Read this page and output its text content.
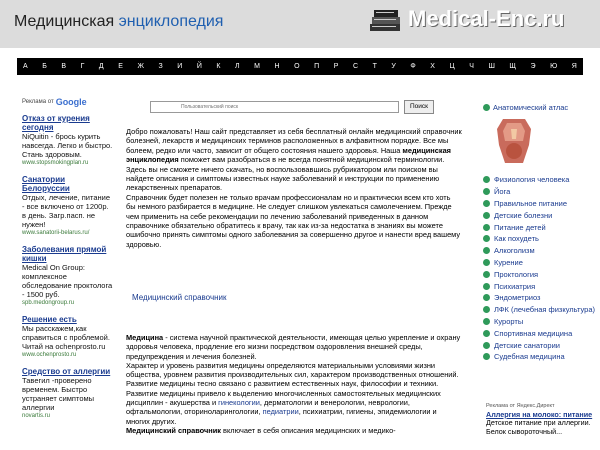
Медицинская энциклопедия	Medical-Enc.ru
А Б В Г Д Е Ж З И Й К Л М Н О П Р С Т У Ф Х Ц Ч Ш Щ Э Ю Я
Реклама от Google
Отказ от курения сегодня
NiQuitin - брось курить навсегда. Легко и быстро. Стань здоровым.
www.stopsmokingplan.ru
Санатории Белоруссии
Отдых, лечение, питание - все включено от 1200р. в день. Загр.пасп. не нужен!
www.sanatorii-belarus.ru/
Заболевания прямой кишки
Medical On Group: комплексное обследование проктолога - 1500 руб.
spb.medongroup.ru
Решение есть
Мы расскажем,как справиться с проблемой. Читай на ochenprosto.ru
www.ochenprosto.ru
Средство от аллергии
Тавегил -проверено временем. Быстро устраняет симптомы аллергии
novartis.ru
Пользовательский поиск
Поиск

Добро пожаловать! Наш сайт представляет из себя бесплатный онлайн медицинский справочник болезней, лекарств и медицинских терминов расположенных в алфавитном порядке. Все мы болеем, редко или часто, зависит от общего состояния нашего здоровья. Наша медицинская энциклопедия поможет вам разобраться в не всегда понятной медицинской терминологии. Здесь вы не сможете ничего скачать, но воспользовавшись рубрикатором или поиском вы найдете описания и симптомы известных науке заболеваний и инструкции по применению лекарственных препаратов.

Справочник будет полезен не только врачам профессионалам но и практически всем кто хоть бы немного разбирается в медицине. Не следует слишком увлекаться самолечением. Прежде чем применить на себе рекомендации по лечению заболеваний приведенных в данном справочнике обязательно обратитесь к врачу, так как из-за недостатка в знаниях вы можете ошибочно принять симптомы одного заболевания за совершенно другое и нанести вред вашему здоровью.

Медицинский справочник

Медицина - система научной практической деятельности, имеющая целью укрепление и охрану здоровья человека, продление его жизни посредством оздоровления внешней среды, предупреждения и лечения болезней.

Характер и уровень развития медицины определяются материальными условиями жизни общества, уровнем развития производительных сил, характером производственных отношений. Развитие медицины тесно связано с развитием естественных наук, философии и техники.

Развитие медицины привело к выделению многочисленных самостоятельных медицинских дисциплин - акушерства и гинекологии, дерматологии и венерологии, неврологии, офтальмологии, оториноларингологии, педиатрии, психиатрии, гигиены, эпидемиологии и многих других.

Медицинский справочник включает в себя описания медицинских и медико-

Анатомический атлас
Физиология человека
Йога
Правильное питание
Детские болезни
Питание детей
Как похудеть
Алкоголизм
Курение
Проктология
Психиатрия
Эндометриоз
ЛФК (лечебная физкультура)
Курорты
Спортивная медицина
Детские санатории
Судебная медицина
Реклама от Яндекс.Директ
Аллергия на молоко: питание
Детское питание при аллергии. Белок сывороточный...
